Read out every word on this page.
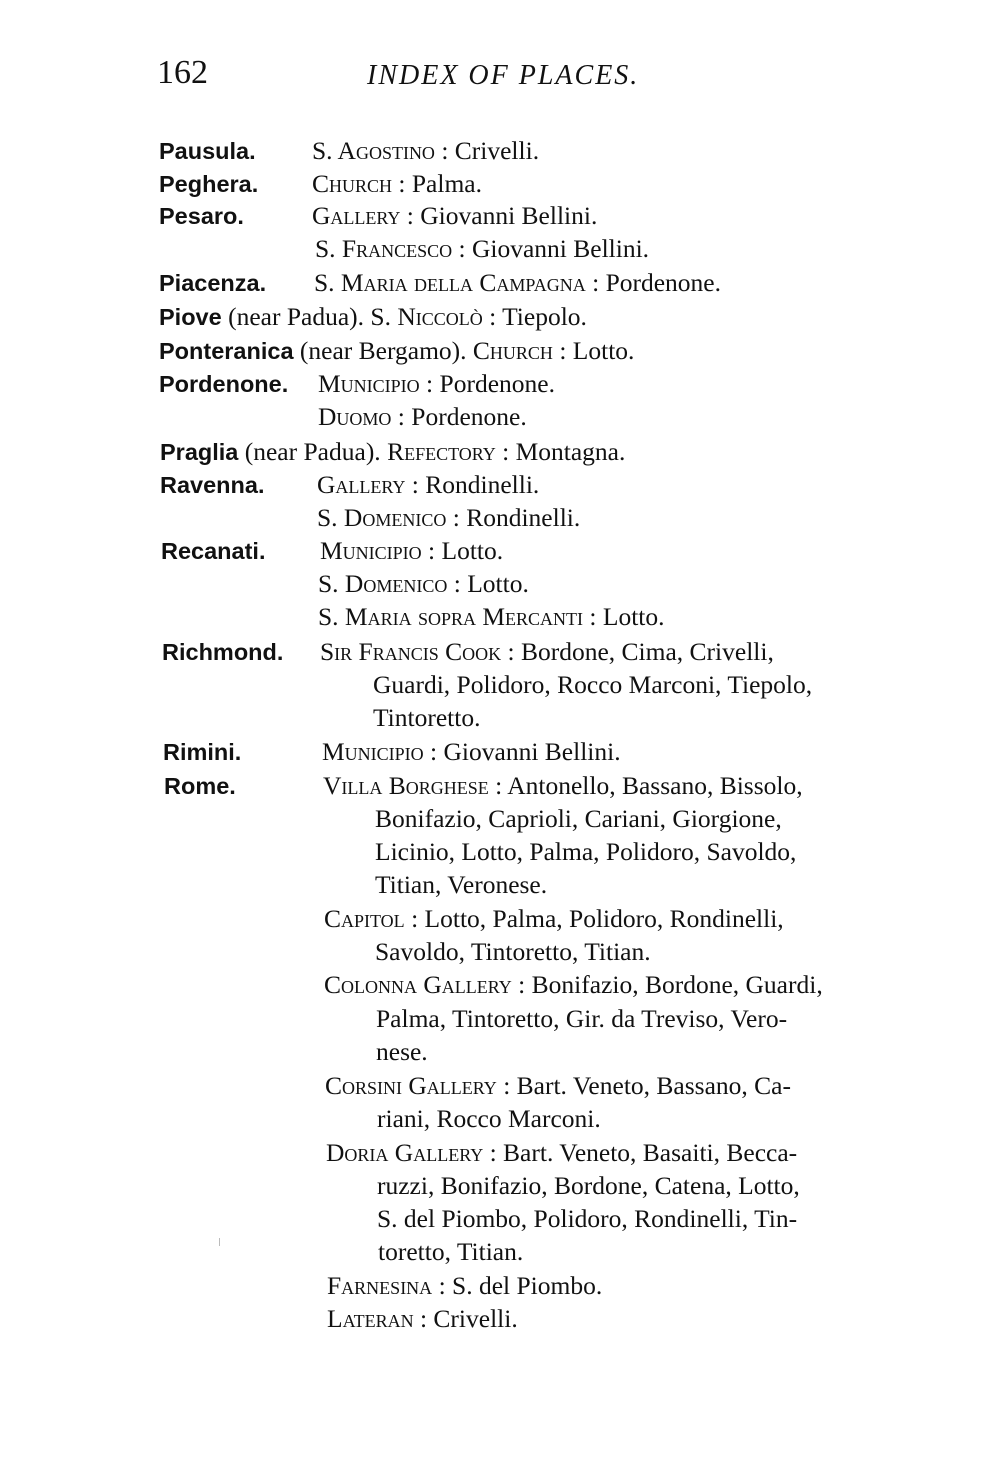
162	INDEX OF PLACES.
Pausula. S. Agostino : Crivelli.
Peghera. Church : Palma.
Pesaro.	Gallery : Giovanni Bellini.
S. Francesco : Giovanni Bellini.
Piacenza. S. Maria della Campagna : Pordenone.
Piove (near Padua). S. Niccolò : Tiepolo.
Ponteranica (near Bergamo). Church : Lotto.
Pordenone. Municipio : Pordenone.
Duomo : Pordenone.
Praglia (near Padua). Refectory : Montagna.
Ravenna. Gallery : Rondinelli.
S. Domenico : Rondinelli.
Recanati. Municipio : Lotto.
S. Domenico : Lotto.
S. Maria sopra Mercanti : Lotto.
Richmond. Sir Francis Cook : Bordone, Cima, Crivelli,
Guardi, Polidoro, Rocco Marconi, Tiepolo,
Tintoretto.
Rimini.	Municipio : Giovanni Bellini.
Rome.	Villa Borghese : Antonello, Bassano, Bissolo,
Bonifazio, Caprioli, Cariani, Giorgione,
Licinio, Lotto, Palma, Polidoro, Savoldo,
Titian, Veronese.
Capitol : Lotto, Palma, Polidoro, Rondinelli,
Savoldo, Tintoretto, Titian.
Colonna Gallery : Bonifazio, Bordone, Guardi,
Palma, Tintoretto, Gir. da Treviso, Vero-
nese.
Corsini Gallery : Bart. Veneto, Bassano, Ca-
riani, Rocco Marconi.
Doria Gallery : Bart. Veneto, Basaiti, Becca-
ruzzi, Bonifazio, Bordone, Catena, Lotto,
S. del Piombo, Polidoro, Rondinelli, Tin-
toretto, Titian.
Farnesina : S. del Piombo.
Lateran : Crivelli.
